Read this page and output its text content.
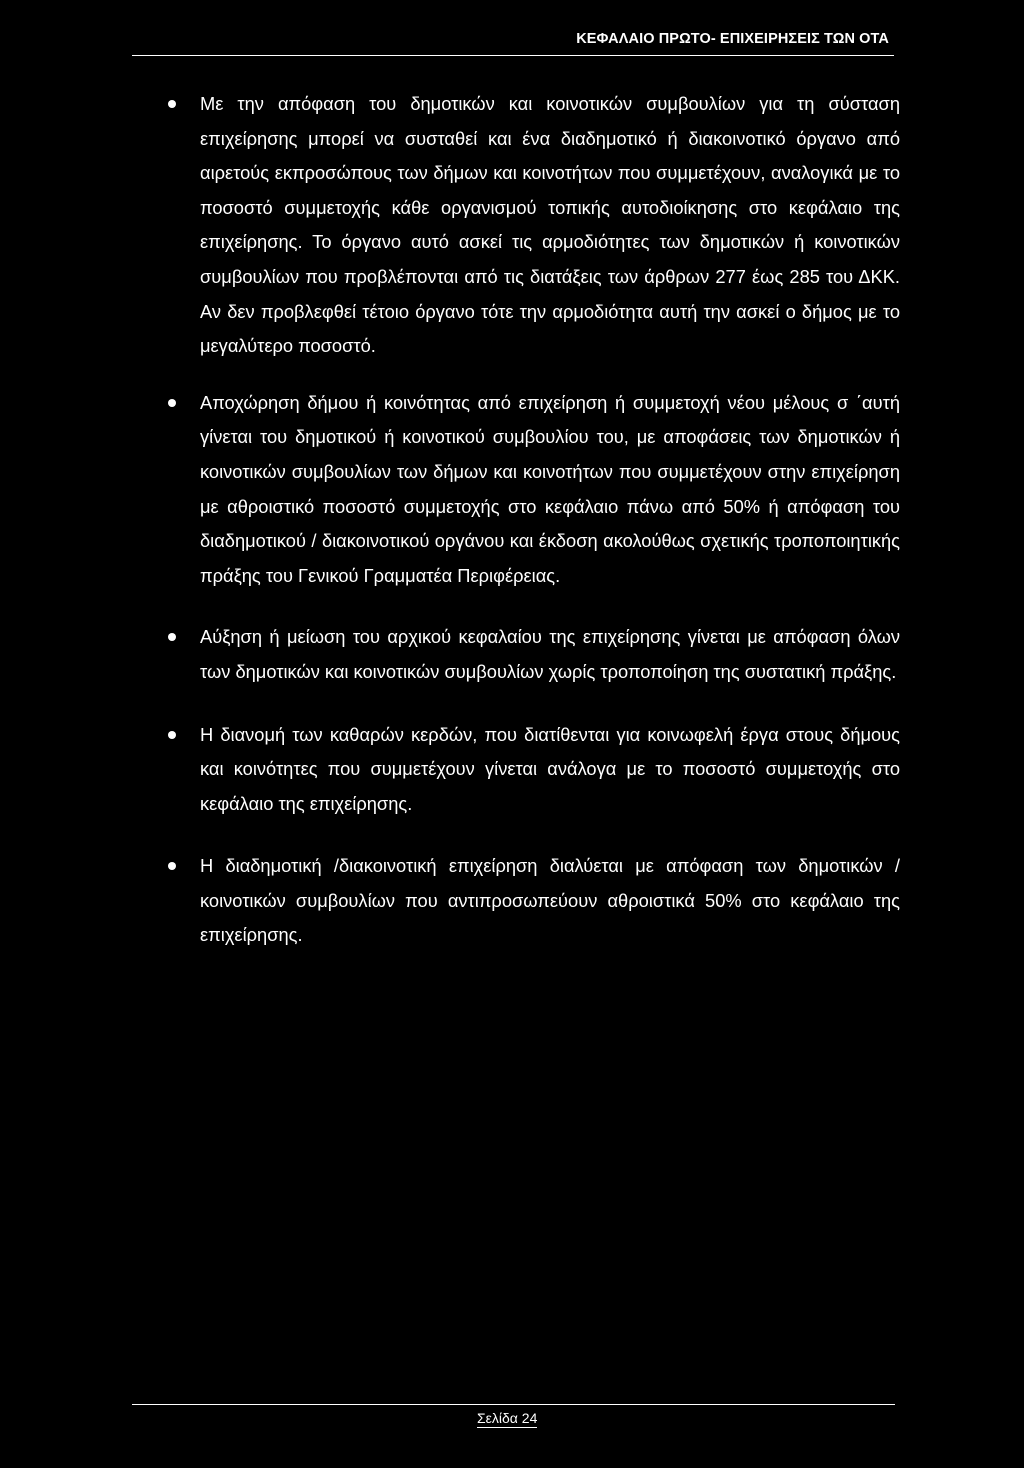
ΚΕΦΑΛΑΙΟ ΠΡΩΤΟ- ΕΠΙΧΕΙΡΗΣΕΙΣ ΤΩΝ ΟΤΑ
Με την απόφαση του δημοτικών και κοινοτικών συμβουλίων για τη σύσταση επιχείρησης μπορεί να συσταθεί και ένα διαδημοτικό ή διακοινοτικό όργανο από αιρετούς εκπροσώπους των δήμων και κοινοτήτων που συμμετέχουν, αναλογικά με το ποσοστό συμμετοχής κάθε οργανισμού τοπικής αυτοδιοίκησης στο κεφάλαιο της επιχείρησης. Το όργανο αυτό ασκεί τις αρμοδιότητες των δημοτικών ή κοινοτικών συμβουλίων που προβλέπονται από τις διατάξεις των άρθρων 277 έως 285 του ΔΚΚ. Αν δεν προβλεφθεί τέτοιο όργανο τότε την αρμοδιότητα αυτή την ασκεί ο δήμος με το μεγαλύτερο ποσοστό.
Αποχώρηση δήμου ή κοινότητας από επιχείρηση ή συμμετοχή νέου μέλους σ ΄αυτή γίνεται του δημοτικού ή κοινοτικού συμβουλίου του, με αποφάσεις των δημοτικών ή κοινοτικών συμβουλίων των δήμων και κοινοτήτων που συμμετέχουν στην επιχείρηση με αθροιστικό ποσοστό συμμετοχής στο κεφάλαιο πάνω από 50% ή απόφαση του διαδημοτικού / διακοινοτικού οργάνου και έκδοση ακολούθως σχετικής τροποποιητικής πράξης του Γενικού Γραμματέα Περιφέρειας.
Αύξηση ή μείωση του αρχικού κεφαλαίου της επιχείρησης γίνεται με απόφαση όλων των δημοτικών και κοινοτικών συμβουλίων χωρίς τροποποίηση της συστατική πράξης.
Η διανομή των καθαρών κερδών, που διατίθενται για κοινωφελή έργα στους δήμους και κοινότητες που συμμετέχουν γίνεται ανάλογα με το ποσοστό συμμετοχής στο κεφάλαιο της επιχείρησης.
Η διαδημοτική /διακοινοτική επιχείρηση διαλύεται με απόφαση των δημοτικών / κοινοτικών συμβουλίων που αντιπροσωπεύουν αθροιστικά 50% στο κεφάλαιο της επιχείρησης.
Σελίδα 24
